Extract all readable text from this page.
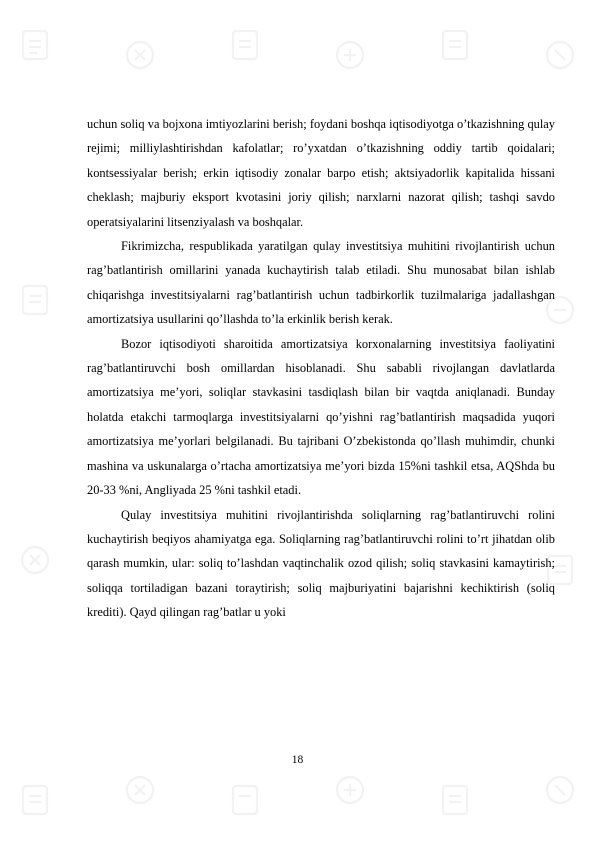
uchun soliq va bojxona imtiyozlarini berish; foydani boshqa iqtisodiyotga o’tkazishning qulay rejimi; milliylashtirishdan kafolatlar; ro’yxatdan o’tkazishning oddiy tartib qoidalari; kontsessiyalar berish; erkin iqtisodiy zonalar barpo etish; aktsiyadorlik kapitalida hissani cheklash; majburiy eksport kvotasini joriy qilish; narxlarni nazorat qilish; tashqi savdo operatsiyalarini litsenziyalash va boshqalar.

Fikrimizcha, respublikada yaratilgan qulay investitsiya muhitini rivojlantirish uchun rag’batlantirish omillarini yanada kuchaytirish talab etiladi. Shu munosabat bilan ishlab chiqarishga investitsiyalarni rag’batlantirish uchun tadbirkorlik tuzilmalariga jadallashgan amortizatsiya usullarini qo’llashda to’la erkinlik berish kerak.

Bozor iqtisodiyoti sharoitida amortizatsiya korxonalarning investitsiya faoliyatini rag’batlantiruvchi bosh omillardan hisoblanadi. Shu sababli rivojlangan davlatlarda amortizatsiya me’yori, soliqlar stavkasini tasdiqlash bilan bir vaqtda aniqlanadi. Bunday holatda etakchi tarmoqlarga investitsiyalarni qo’yishni rag’batlantirish maqsadida yuqori amortizatsiya me’yorlari belgilanadi. Bu tajribani O’zbekistonda qo’llash muhimdir, chunki mashina va uskunalarga o’rtacha amortizatsiya me’yori bizda 15%ni tashkil etsa, AQShda bu 20-33 %ni, Angliyada 25 %ni tashkil etadi.

Qulay investitsiya muhitini rivojlantirishda soliqlarning rag’batlantiruvchi rolini kuchaytirish beqiyos ahamiyatga ega. Soliqlarning rag’batlantiruvchi rolini to’rt jihatdan olib qarash mumkin, ular: soliq to’lashdan vaqtinchalik ozod qilish; soliq stavkasini kamaytirish; soliqqa tortiladigan bazani toraytirish; soliq majburiyatini bajarishni kechiktirish (soliq krediti). Qayd qilingan rag’batlar u yoki

18
